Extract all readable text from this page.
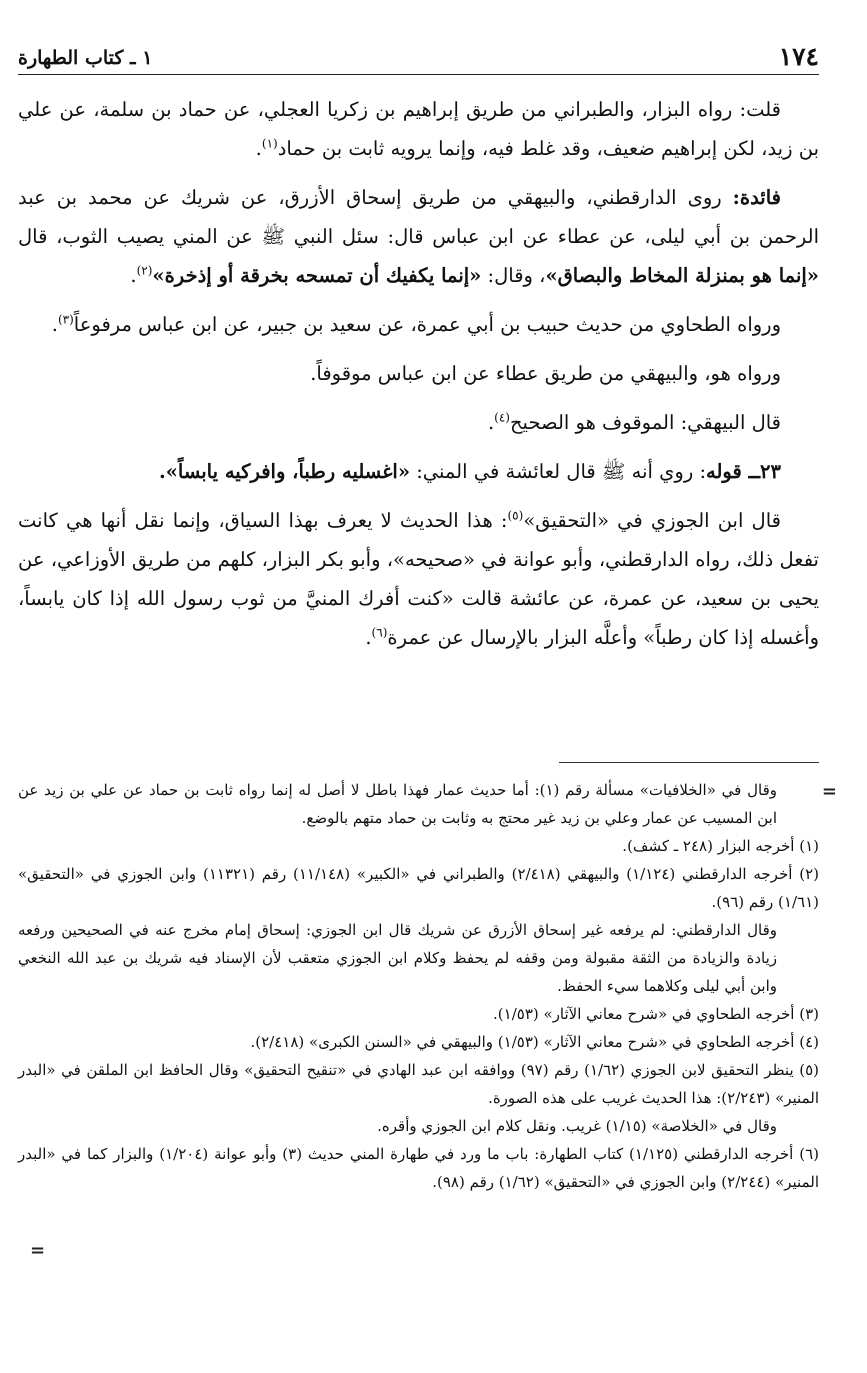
١٧٤
١ ـ كتاب الطهارة

قلت: رواه البزار، والطبراني من طريق إبراهيم بن زكريا العجلي، عن حماد بن سلمة، عن علي بن زيد، لكن إبراهيم ضعيف، وقد غلط فيه، وإنما يرويه ثابت بن حماد$^{(١)}$.

فائدة: روى الدارقطني، والبيهقي من طريق إسحاق الأزرق، عن شريك عن محمد بن عبد الرحمن بن أبي ليلى، عن عطاء عن ابن عباس قال: سئل النبي ﷺ عن المني يصيب الثوب، قال «إنما هو بمنزلة المخاط والبصاق»، وقال: «إنما يكفيك أن تمسحه بخرقة أو إذخرة»$^{(٢)}$.

ورواه الطحاوي من حديث حبيب بن أبي عمرة، عن سعيد بن جبير، عن ابن عباس مرفوعاً$^{(٣)}$.

ورواه هو، والبيهقي من طريق عطاء عن ابن عباس موقوفاً.

قال البيهقي: الموقوف هو الصحيح$^{(٤)}$.

٢٣ــ قوله: روي أنه ﷺ قال لعائشة في المني: «اغسليه رطباً، وافركيه يابساً».

قال ابن الجوزي في «التحقيق»$^{(٥)}$: هذا الحديث لا يعرف بهذا السياق، وإنما نقل أنها هي كانت تفعل ذلك، رواه الدارقطني، وأبو عوانة في «صحيحه»، وأبو بكر البزار، كلهم من طريق الأوزاعي، عن يحيى بن سعيد، عن عمرة، عن عائشة قالت «كنت أفرك المنيَّ من ثوب رسول الله إذا كان يابساً، وأغسله إذا كان رطباً» وأعلَّه البزار بالإرسال عن عمرة$^{(٦)}$.

=

وقال في «الخلافيات» مسألة رقم (١): أما حديث عمار فهذا باطل لا أصل له إنما رواه ثابت بن حماد عن علي بن زيد عن ابن المسيب عن عمار وعلي بن زيد غير محتج به وثابت بن حماد متهم بالوضع.

(١) أخرجه البزار (٢٤٨ ـ كشف).

(٢) أخرجه الدارقطني (١/١٢٤) والبيهقي (٢/٤١٨) والطبراني في «الكبير» (١١/١٤٨) رقم (١١٣٢١) وابن الجوزي في «التحقيق» (١/٦١) رقم (٩٦).

وقال الدارقطني: لم يرفعه غير إسحاق الأزرق عن شريك قال ابن الجوزي: إسحاق إمام مخرج عنه في الصحيحين ورفعه زيادة والزيادة من الثقة مقبولة ومن وقفه لم يحفظ وكلام ابن الجوزي متعقب لأن الإسناد فيه شريك بن عبد الله النخعي وابن أبي ليلى وكلاهما سيء الحفظ.

(٣) أخرجه الطحاوي في «شرح معاني الآثار» (١/٥٣).

(٤) أخرجه الطحاوي في «شرح معاني الآثار» (١/٥٣) والبيهقي في «السنن الكبرى» (٢/٤١٨).

(٥) ينظر التحقيق لابن الجوزي (١/٦٢) رقم (٩٧) ووافقه ابن عبد الهادي في «تنقيح التحقيق» وقال الحافظ ابن الملقن في «البدر المنير» (٢/٢٤٣): هذا الحديث غريب على هذه الصورة.

وقال في «الخلاصة» (١/١٥) غريب. ونقل كلام ابن الجوزي وأقره.

(٦) أخرجه الدارقطني (١/١٢٥) كتاب الطهارة: باب ما ورد في طهارة المني حديث (٣) وأبو عوانة (١/٢٠٤) والبزار كما في «البدر المنير» (٢/٢٤٤) وابن الجوزي في «التحقيق» (١/٦٢) رقم (٩٨).

=
